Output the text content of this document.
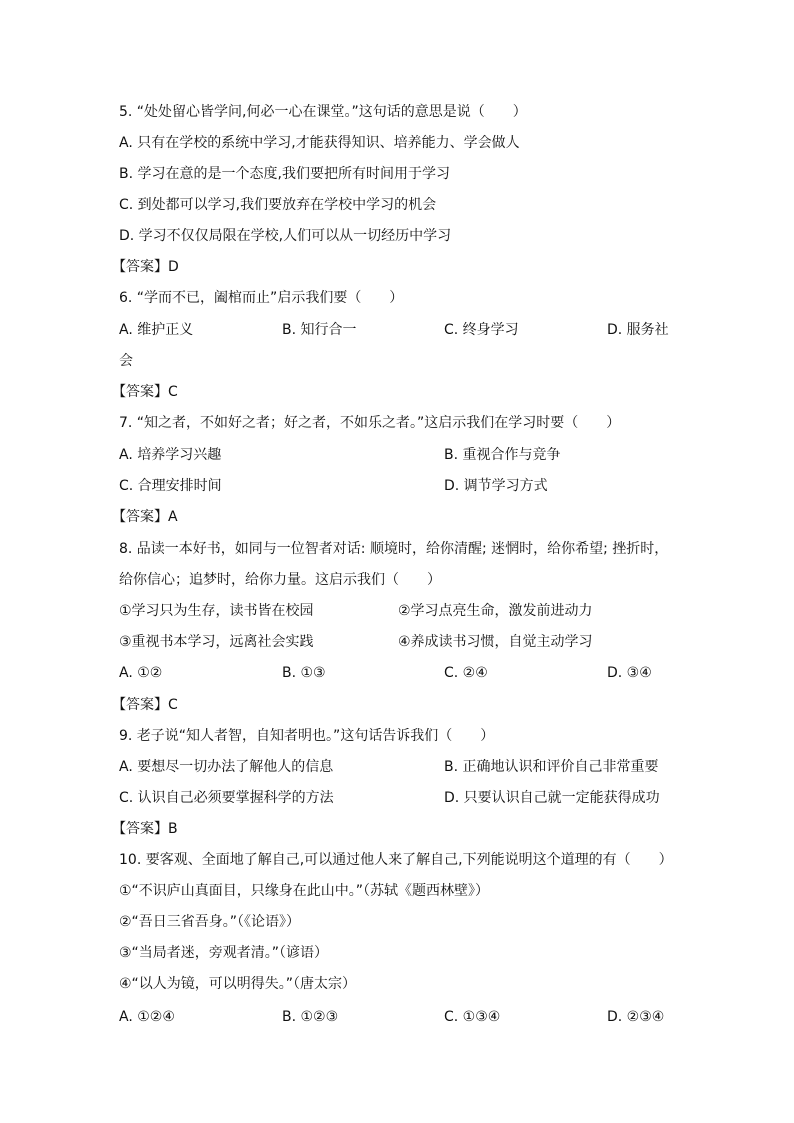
5. “处处留心皆学问,何必一心在课堂。”这句话的意思是说（　　）
A. 只有在学校的系统中学习,才能获得知识、培养能力、学会做人
B. 学习在意的是一个态度,我们要把所有时间用于学习
C. 到处都可以学习,我们要放弃在学校中学习的机会
D. 学习不仅仅局限在学校,人们可以从一切经历中学习
【答案】D
6. “学而不已，阖棺而止”启示我们要（　　）
A. 维护正义	B. 知行合一	C. 终身学习	D. 服务社
会
【答案】C
7. “知之者，不如好之者；好之者，不如乐之者。”这启示我们在学习时要（　　）
A. 培养学习兴趣	B. 重视合作与竞争
C. 合理安排时间	D. 调节学习方式
【答案】A
8. 品读一本好书，如同与一位智者对话: 顺境时，给你清醒; 迷惘时，给你希望; 挫折时，
给你信心；追梦时，给你力量。这启示我们（　　）
①学习只为生存，读书皆在校园	②学习点亮生命，激发前进动力
③重视书本学习，远离社会实践	④养成读书习惯，自觉主动学习
A. ①②	B. ①③	C. ②④	D. ③④
【答案】C
9. 老子说“知人者智，自知者明也。”这句话告诉我们（　　）
A. 要想尽一切办法了解他人的信息	B. 正确地认识和评价自己非常重要
C. 认识自己必须要掌握科学的方法	D. 只要认识自己就一定能获得成功
【答案】B
10. 要客观、全面地了解自己,可以通过他人来了解自己,下列能说明这个道理的有（　　）
①“不识庐山真面目，只缘身在此山中。”（苏轼《题西林壁》）
②“吾日三省吾身。”（《论语》）
③“当局者迷，旁观者清。”（谚语）
④“以人为镜，可以明得失。”（唐太宗）
A. ①②④	B. ①②③	C. ①③④	D. ②③④
